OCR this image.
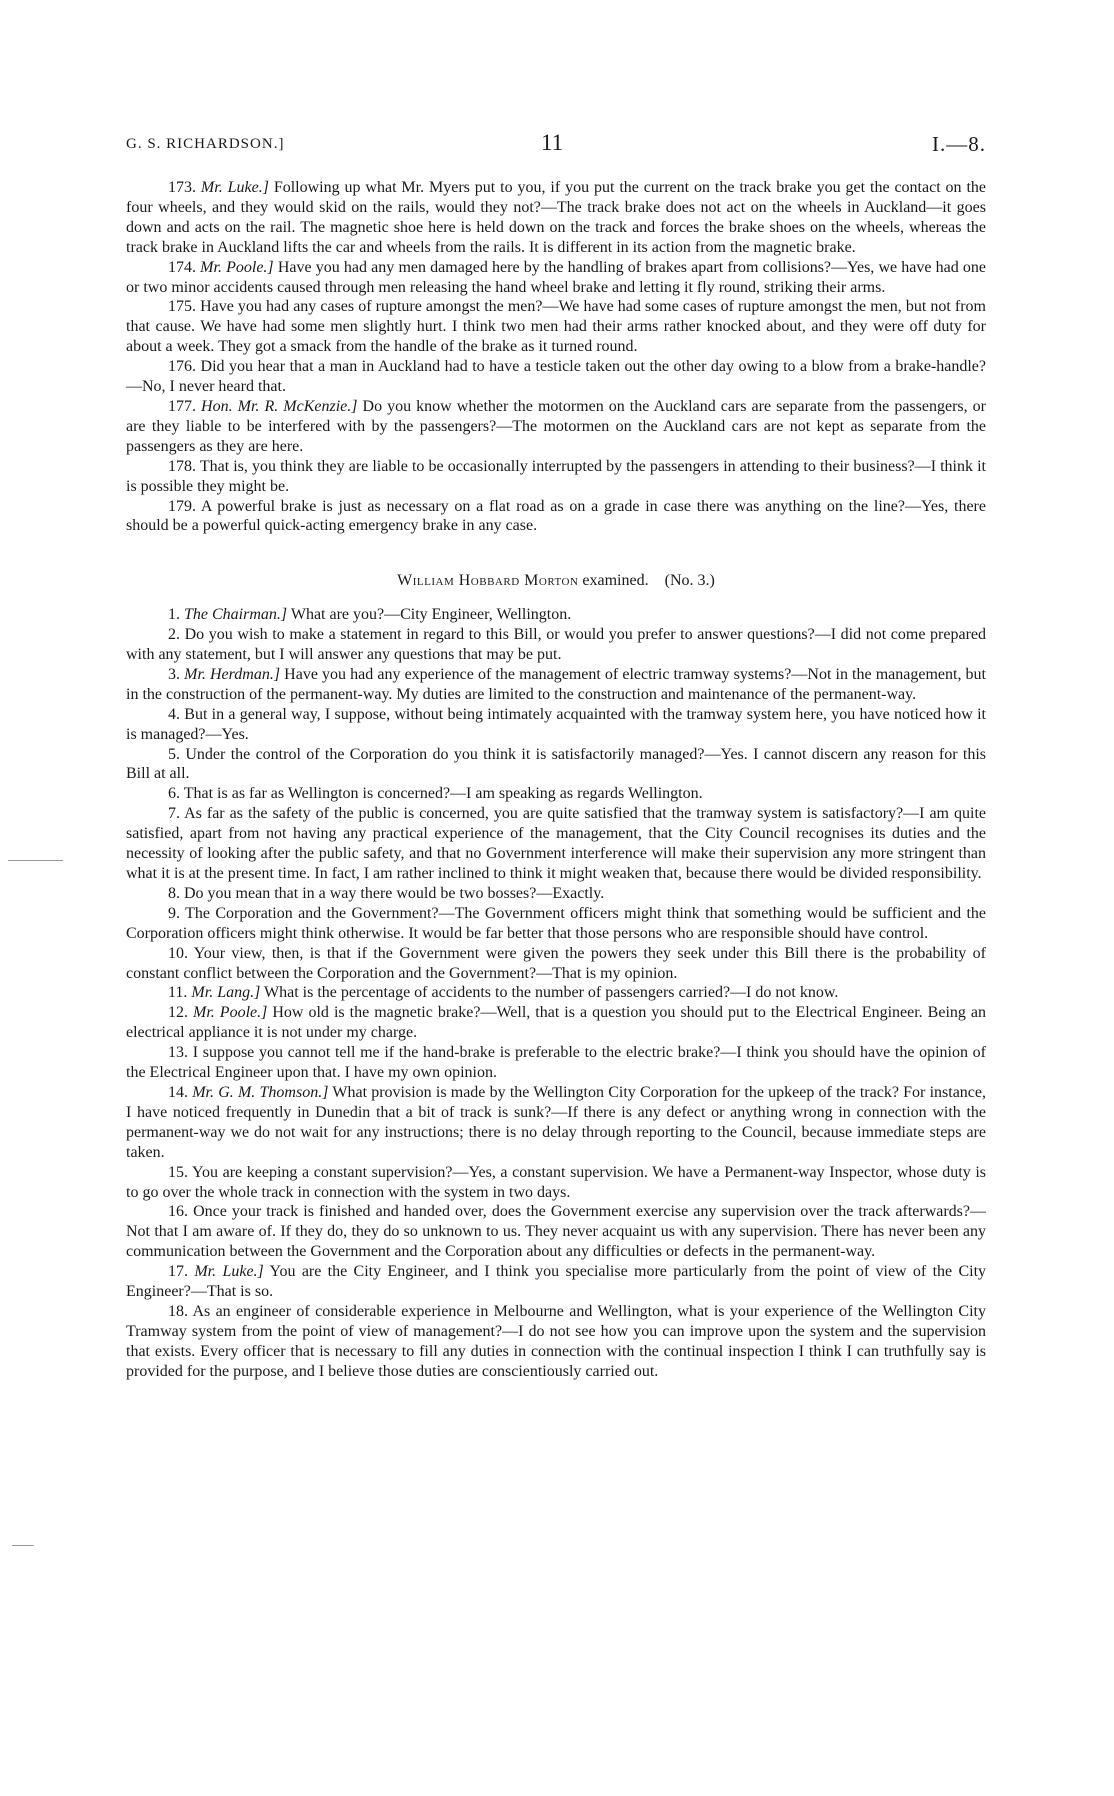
G. S. RICHARDSON.]	11	I.—8.

173. Mr. Luke.] Following up what Mr. Myers put to you, if you put the current on the track brake you get the contact on the four wheels, and they would skid on the rails, would they not?—The track brake does not act on the wheels in Auckland—it goes down and acts on the rail. The magnetic shoe here is held down on the track and forces the brake shoes on the wheels, whereas the track brake in Auckland lifts the car and wheels from the rails. It is different in its action from the magnetic brake.

174. Mr. Poole.] Have you had any men damaged here by the handling of brakes apart from collisions?—Yes, we have had one or two minor accidents caused through men releasing the hand wheel brake and letting it fly round, striking their arms.

175. Have you had any cases of rupture amongst the men?—We have had some cases of rupture amongst the men, but not from that cause. We have had some men slightly hurt. I think two men had their arms rather knocked about, and they were off duty for about a week. They got a smack from the handle of the brake as it turned round.

176. Did you hear that a man in Auckland had to have a testicle taken out the other day owing to a blow from a brake-handle?—No, I never heard that.

177. Hon. Mr. R. McKenzie.] Do you know whether the motormen on the Auckland cars are separate from the passengers, or are they liable to be interfered with by the passengers?—The motormen on the Auckland cars are not kept as separate from the passengers as they are here.

178. That is, you think they are liable to be occasionally interrupted by the passengers in attending to their business?—I think it is possible they might be.

179. A powerful brake is just as necessary on a flat road as on a grade in case there was anything on the line?—Yes, there should be a powerful quick-acting emergency brake in any case.

William Hobbard Morton examined. (No. 3.)

1. The Chairman.] What are you?—City Engineer, Wellington.

2. Do you wish to make a statement in regard to this Bill, or would you prefer to answer questions?—I did not come prepared with any statement, but I will answer any questions that may be put.

3. Mr. Herdman.] Have you had any experience of the management of electric tramway systems?—Not in the management, but in the construction of the permanent-way. My duties are limited to the construction and maintenance of the permanent-way.

4. But in a general way, I suppose, without being intimately acquainted with the tramway system here, you have noticed how it is managed?—Yes.

5. Under the control of the Corporation do you think it is satisfactorily managed?—Yes. I cannot discern any reason for this Bill at all.

6. That is as far as Wellington is concerned?—I am speaking as regards Wellington.

7. As far as the safety of the public is concerned, you are quite satisfied that the tramway system is satisfactory?—I am quite satisfied, apart from not having any practical experience of the management, that the City Council recognises its duties and the necessity of looking after the public safety, and that no Government interference will make their supervision any more stringent than what it is at the present time. In fact, I am rather inclined to think it might weaken that, because there would be divided responsibility.

8. Do you mean that in a way there would be two bosses?—Exactly.

9. The Corporation and the Government?—The Government officers might think that something would be sufficient and the Corporation officers might think otherwise. It would be far better that those persons who are responsible should have control.

10. Your view, then, is that if the Government were given the powers they seek under this Bill there is the probability of constant conflict between the Corporation and the Government?—That is my opinion.

11. Mr. Lang.] What is the percentage of accidents to the number of passengers carried?—I do not know.

12. Mr. Poole.] How old is the magnetic brake?—Well, that is a question you should put to the Electrical Engineer. Being an electrical appliance it is not under my charge.

13. I suppose you cannot tell me if the hand-brake is preferable to the electric brake?—I think you should have the opinion of the Electrical Engineer upon that. I have my own opinion.

14. Mr. G. M. Thomson.] What provision is made by the Wellington City Corporation for the upkeep of the track? For instance, I have noticed frequently in Dunedin that a bit of track is sunk?—If there is any defect or anything wrong in connection with the permanent-way we do not wait for any instructions; there is no delay through reporting to the Council, because immediate steps are taken.

15. You are keeping a constant supervision?—Yes, a constant supervision. We have a Permanent-way Inspector, whose duty is to go over the whole track in connection with the system in two days.

16. Once your track is finished and handed over, does the Government exercise any supervision over the track afterwards?—Not that I am aware of. If they do, they do so unknown to us. They never acquaint us with any supervision. There has never been any communication between the Government and the Corporation about any difficulties or defects in the permanent-way.

17. Mr. Luke.] You are the City Engineer, and I think you specialise more particularly from the point of view of the City Engineer?—That is so.

18. As an engineer of considerable experience in Melbourne and Wellington, what is your experience of the Wellington City Tramway system from the point of view of management?—I do not see how you can improve upon the system and the supervision that exists. Every officer that is necessary to fill any duties in connection with the continual inspection I think I can truthfully say is provided for the purpose, and I believe those duties are conscientiously carried out.
